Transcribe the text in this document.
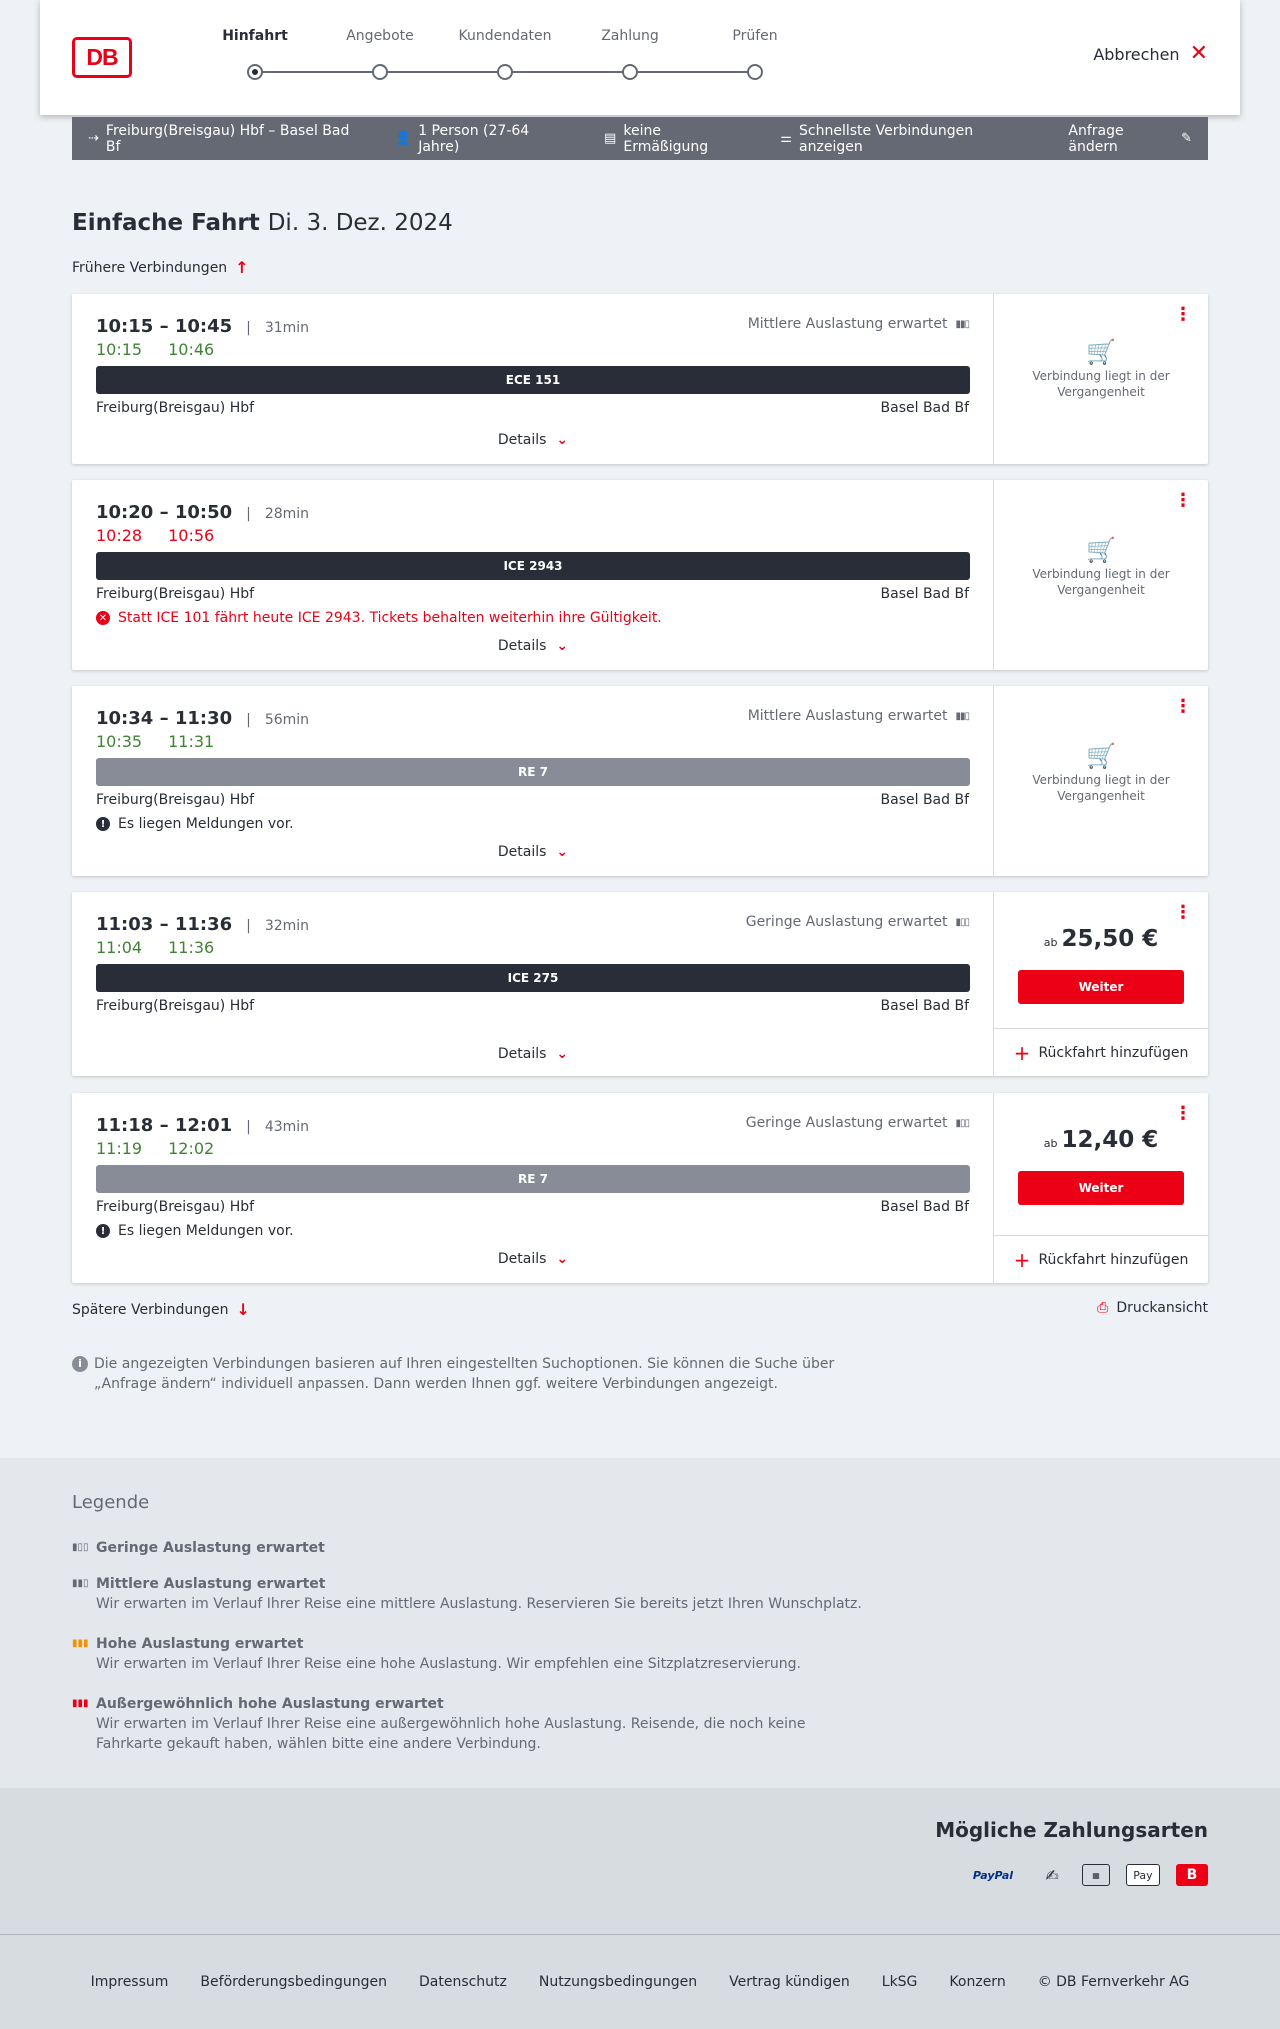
DB
Hinfahrt	Angebote	Kundendaten	Zahlung	Prüfen
Abbrechen ✕
⇢ Freiburg(Breisgau) Hbf – Basel Bad Bf	👤 1 Person (27-64 Jahre)	▤ keine Ermäßigung	⚌ Schnellste Verbindungen anzeigen
Anfrage ändern	✎
Einfache Fahrt Di. 3. Dez. 2024
Frühere Verbindungen ↑
10:15 – 10:45	| 31min
10:15 10:46
Mittlere Auslastung erwartet ▮▮▯
ECE 151
Freiburg(Breisgau) Hbf	Basel Bad Bf
Details ⌄
⋮
🛒
Verbindung liegt in der Vergangenheit
10:20 – 10:50	| 28min
10:28 10:56
ICE 2943
Freiburg(Breisgau) Hbf	Basel Bad Bf
✕ Statt ICE 101 fährt heute ICE 2943. Tickets behalten weiterhin ihre Gültigkeit.
Details ⌄
⋮
🛒
Verbindung liegt in der Vergangenheit
10:34 – 11:30	| 56min
10:35 11:31
Mittlere Auslastung erwartet ▮▮▯
RE 7
Freiburg(Breisgau) Hbf	Basel Bad Bf
! Es liegen Meldungen vor.
Details ⌄
⋮
🛒
Verbindung liegt in der Vergangenheit
11:03 – 11:36	| 32min
11:04 11:36
Geringe Auslastung erwartet ▮▯▯
ICE 275
Freiburg(Breisgau) Hbf	Basel Bad Bf
Details ⌄
⋮
ab 25,50 €
Weiter
+ Rückfahrt hinzufügen
11:18 – 12:01	| 43min
11:19 12:02
Geringe Auslastung erwartet ▮▯▯
RE 7
Freiburg(Breisgau) Hbf	Basel Bad Bf
! Es liegen Meldungen vor.
Details ⌄
⋮
ab 12,40 €
Weiter
+ Rückfahrt hinzufügen
Spätere Verbindungen ↓	⎙ Druckansicht
i Die angezeigten Verbindungen basieren auf Ihren eingestellten Suchoptionen. Sie können die Suche über „Anfrage ändern“ individuell anpassen. Dann werden Ihnen ggf. weitere Verbindungen angezeigt.
Legende
▮▯▯ Geringe Auslastung erwartet
▮▮▯ Mittlere Auslastung erwartet

Wir erwarten im Verlauf Ihrer Reise eine mittlere Auslastung. Reservieren Sie bereits jetzt Ihren Wunschplatz.

▮▮▮ Hohe Auslastung erwartet

Wir erwarten im Verlauf Ihrer Reise eine hohe Auslastung. Wir empfehlen eine Sitzplatzreservierung.

▮▮▮ Außergewöhnlich hohe Auslastung erwartet

Wir erwarten im Verlauf Ihrer Reise eine außergewöhnlich hohe Auslastung. Reisende, die noch keine Fahrkarte gekauft haben, wählen bitte eine andere Verbindung.

Mögliche Zahlungsarten
PayPal	✍	▦	Pay	B
Impressum Beförderungsbedingungen Datenschutz Nutzungsbedingungen Vertrag kündigen LkSG Konzern © DB Fernverkehr AG
